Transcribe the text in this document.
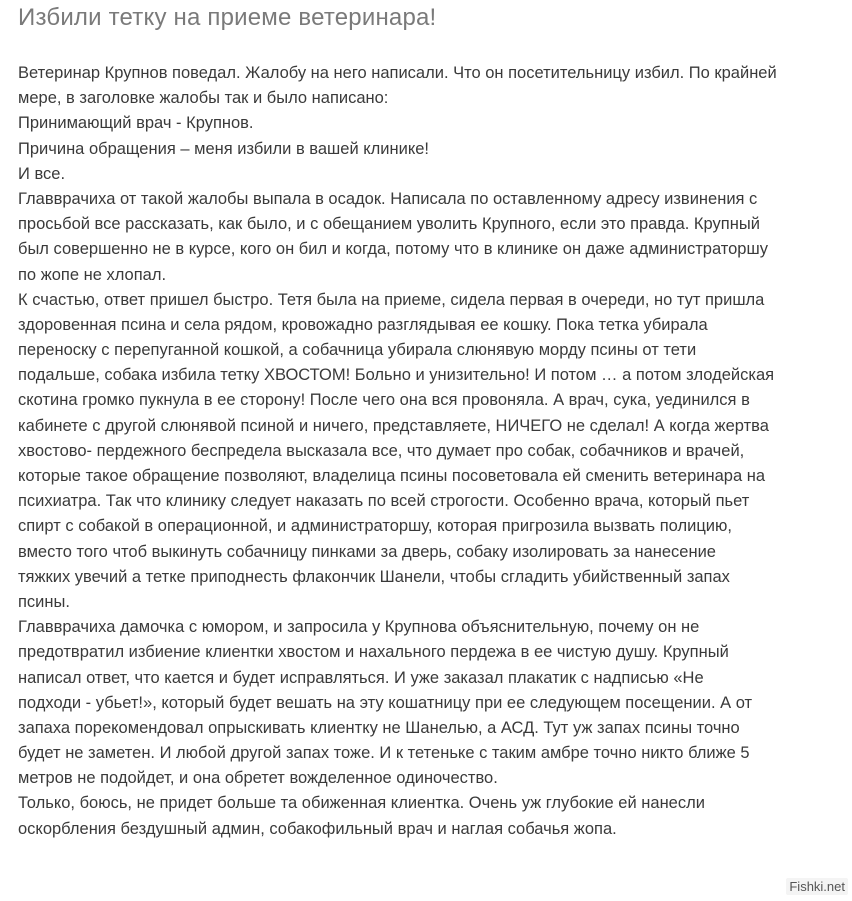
Избили тетку на приеме ветеринара!
Ветеринар Крупнов поведал. Жалобу на него написали. Что он посетительницу избил. По крайней
мере, в заголовке жалобы так и было написано:
Принимающий врач - Крупнов.
Причина обращения – меня избили в вашей клинике!
И все.
Главврачиха от такой жалобы выпала в осадок. Написала по оставленному адресу извинения с
просьбой все рассказать, как было, и с обещанием уволить Крупного, если это правда. Крупный
был совершенно не в курсе, кого он бил и когда, потому что в клинике он даже администраторшу
по жопе не хлопал.
К счастью, ответ пришел быстро. Тетя была на приеме, сидела первая в очереди, но тут пришла
здоровенная псина и села рядом, кровожадно разглядывая ее кошку. Пока тетка убирала
переноску с перепуганной кошкой, а собачница убирала слюнявую морду псины от тети
подальше, собака избила тетку ХВОСТОМ! Больно и унизительно! И потом … а потом злодейская
скотина громко пукнула в ее сторону! После чего она вся провоняла. А врач, сука, уединился в
кабинете с другой слюнявой псиной и ничего, представляете, НИЧЕГО не сделал! А когда жертва
хвостово- пердежного беспредела высказала все, что думает про собак, собачников и врачей,
которые такое обращение позволяют, владелица псины посоветовала ей сменить ветеринара на
психиатра. Так что клинику следует наказать по всей строгости. Особенно врача, который пьет
спирт с собакой в операционной, и администраторшу, которая пригрозила вызвать полицию,
вместо того чтоб выкинуть собачницу пинками за дверь, собаку изолировать за нанесение
тяжких увечий а тетке приподнесть флакончик Шанели, чтобы сгладить убийственный запах
псины.
Главврачиха дамочка с юмором, и запросила у Крупнова объяснительную, почему он не
предотвратил избиение клиентки хвостом и нахального пердежа в ее чистую душу. Крупный
написал ответ, что кается и будет исправляться. И уже заказал плакатик с надписью «Не
подходи - убьет!», который будет вешать на эту кошатницу при ее следующем посещении. А от
запаха порекомендовал опрыскивать клиентку не Шанелью, а АСД. Тут уж запах псины точно
будет не заметен. И любой другой запах тоже. И к тетеньке с таким амбре точно никто ближе 5
метров не подойдет, и она обретет вожделенное одиночество.
Только, боюсь, не придет больше та обиженная клиентка. Очень уж глубокие ей нанесли
оскорбления бездушный админ, собакофильный врач и наглая собачья жопа.
Fishki.net
